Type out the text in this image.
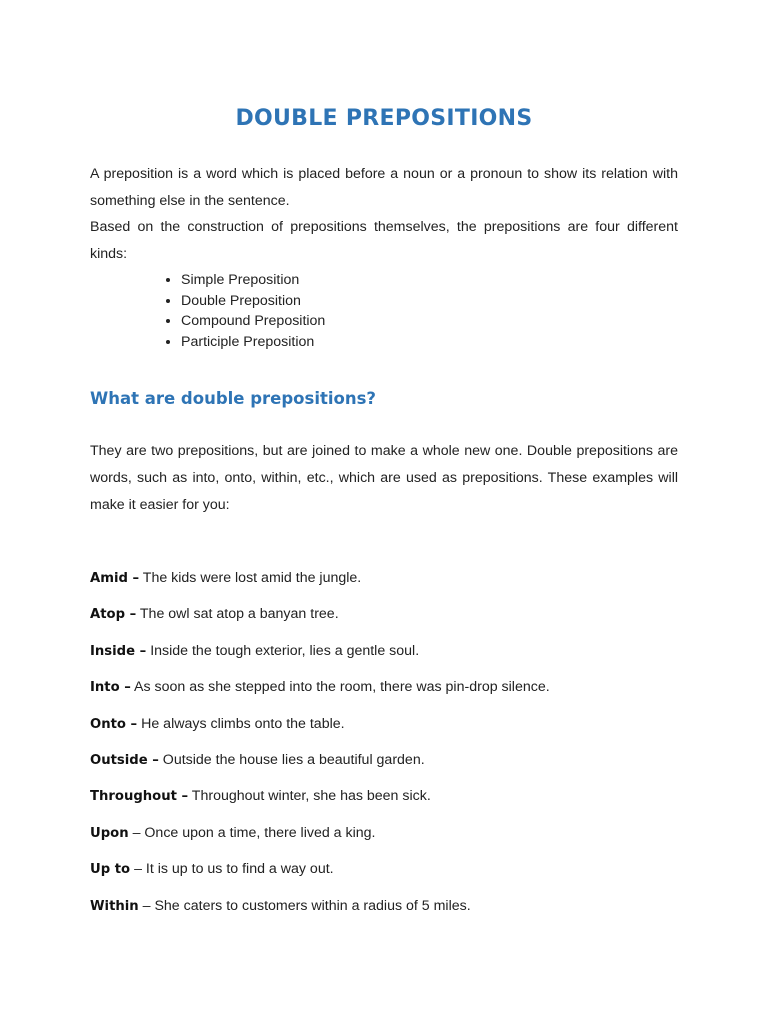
DOUBLE PREPOSITIONS

A preposition is a word which is placed before a noun or a pronoun to show its relation with something else in the sentence.

Based on the construction of prepositions themselves, the prepositions are four different kinds:

• Simple Preposition
• Double Preposition
• Compound Preposition
• Participle Preposition
What are double prepositions?

They are two prepositions, but are joined to make a whole new one. Double prepositions are words, such as into, onto, within, etc., which are used as prepositions. These examples will make it easier for you:

Amid – The kids were lost amid the jungle.
Atop – The owl sat atop a banyan tree.
Inside – Inside the tough exterior, lies a gentle soul.
Into – As soon as she stepped into the room, there was pin-drop silence.
Onto – He always climbs onto the table.
Outside – Outside the house lies a beautiful garden.
Throughout – Throughout winter, she has been sick.
Upon – Once upon a time, there lived a king.
Up to – It is up to us to find a way out.
Within – She caters to customers within a radius of 5 miles.
